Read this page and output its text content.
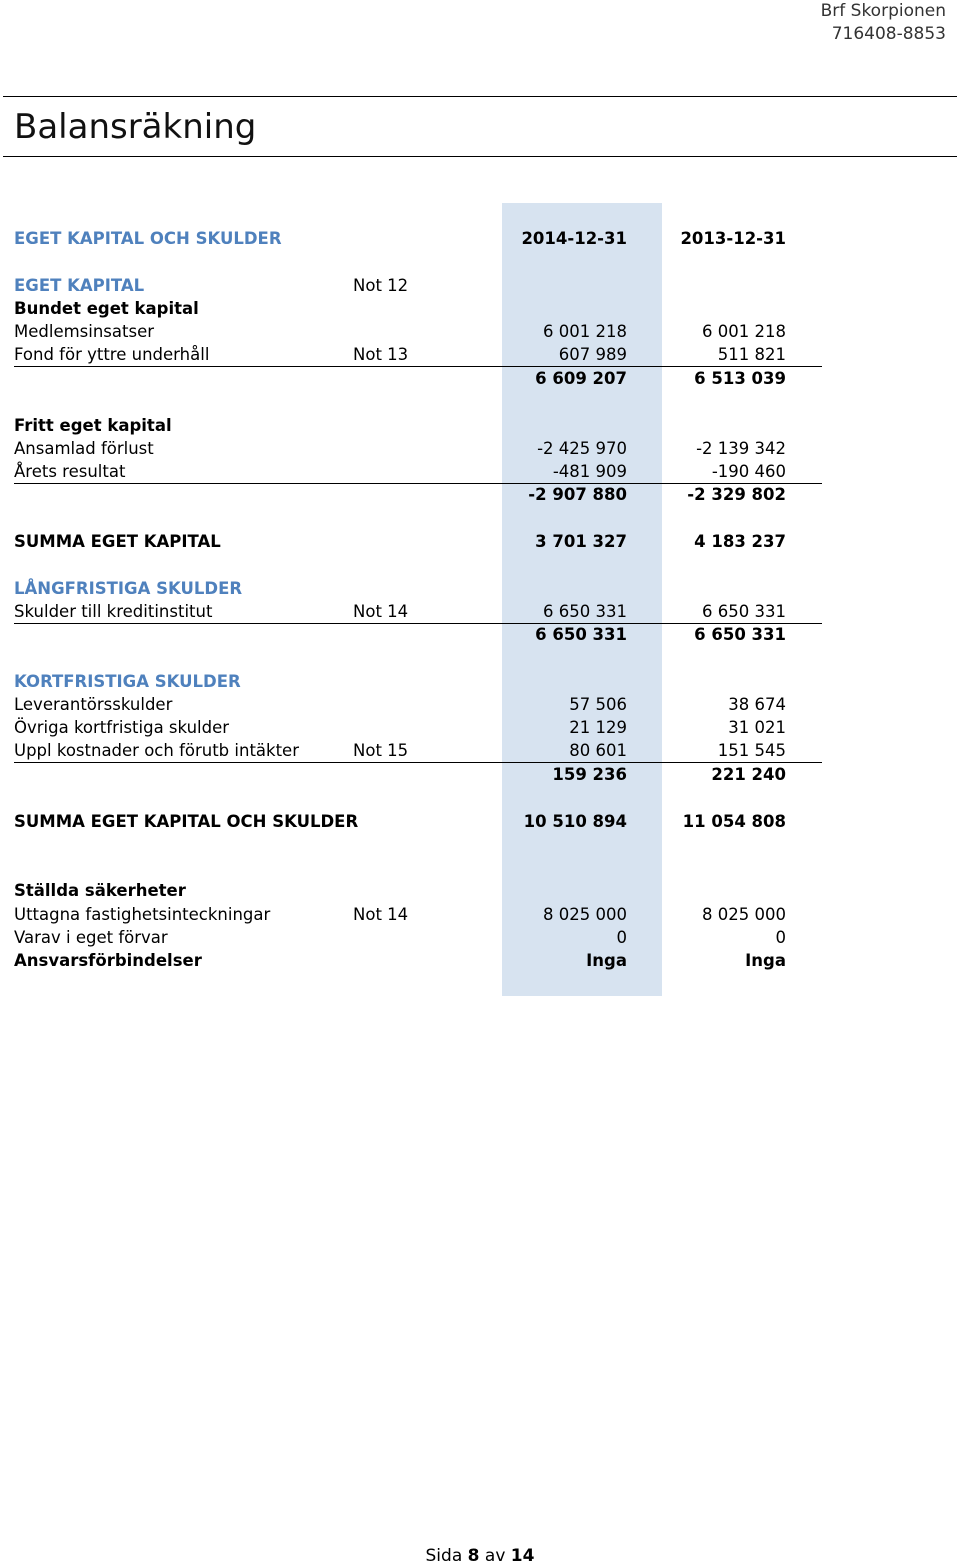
Brf Skorpionen
716408-8853
Balansräkning
EGET KAPITAL OCH SKULDER	2014-12-31	2013-12-31
EGET KAPITAL	Not 12
Bundet eget kapital
Medlemsinsatser	6 001 218	6 001 218
Fond för yttre underhåll	Not 13	607 989	511 821
6 609 207	6 513 039
Fritt eget kapital
Ansamlad förlust	-2 425 970	-2 139 342
Årets resultat	-481 909	-190 460
-2 907 880	-2 329 802
SUMMA EGET KAPITAL	3 701 327	4 183 237
LÅNGFRISTIGA SKULDER
Skulder till kreditinstitut	Not 14	6 650 331	6 650 331
6 650 331	6 650 331
KORTFRISTIGA SKULDER
Leverantörsskulder	57 506	38 674
Övriga kortfristiga skulder	21 129	31 021
Uppl kostnader och förutb intäkter	Not 15	80 601	151 545
159 236	221 240
SUMMA EGET KAPITAL OCH SKULDER	10 510 894	11 054 808
Ställda säkerheter
Uttagna fastighetsinteckningar	Not 14	8 025 000	8 025 000
Varav i eget förvar	0	0
Ansvarsförbindelser	Inga	Inga
Sida 8 av 14
